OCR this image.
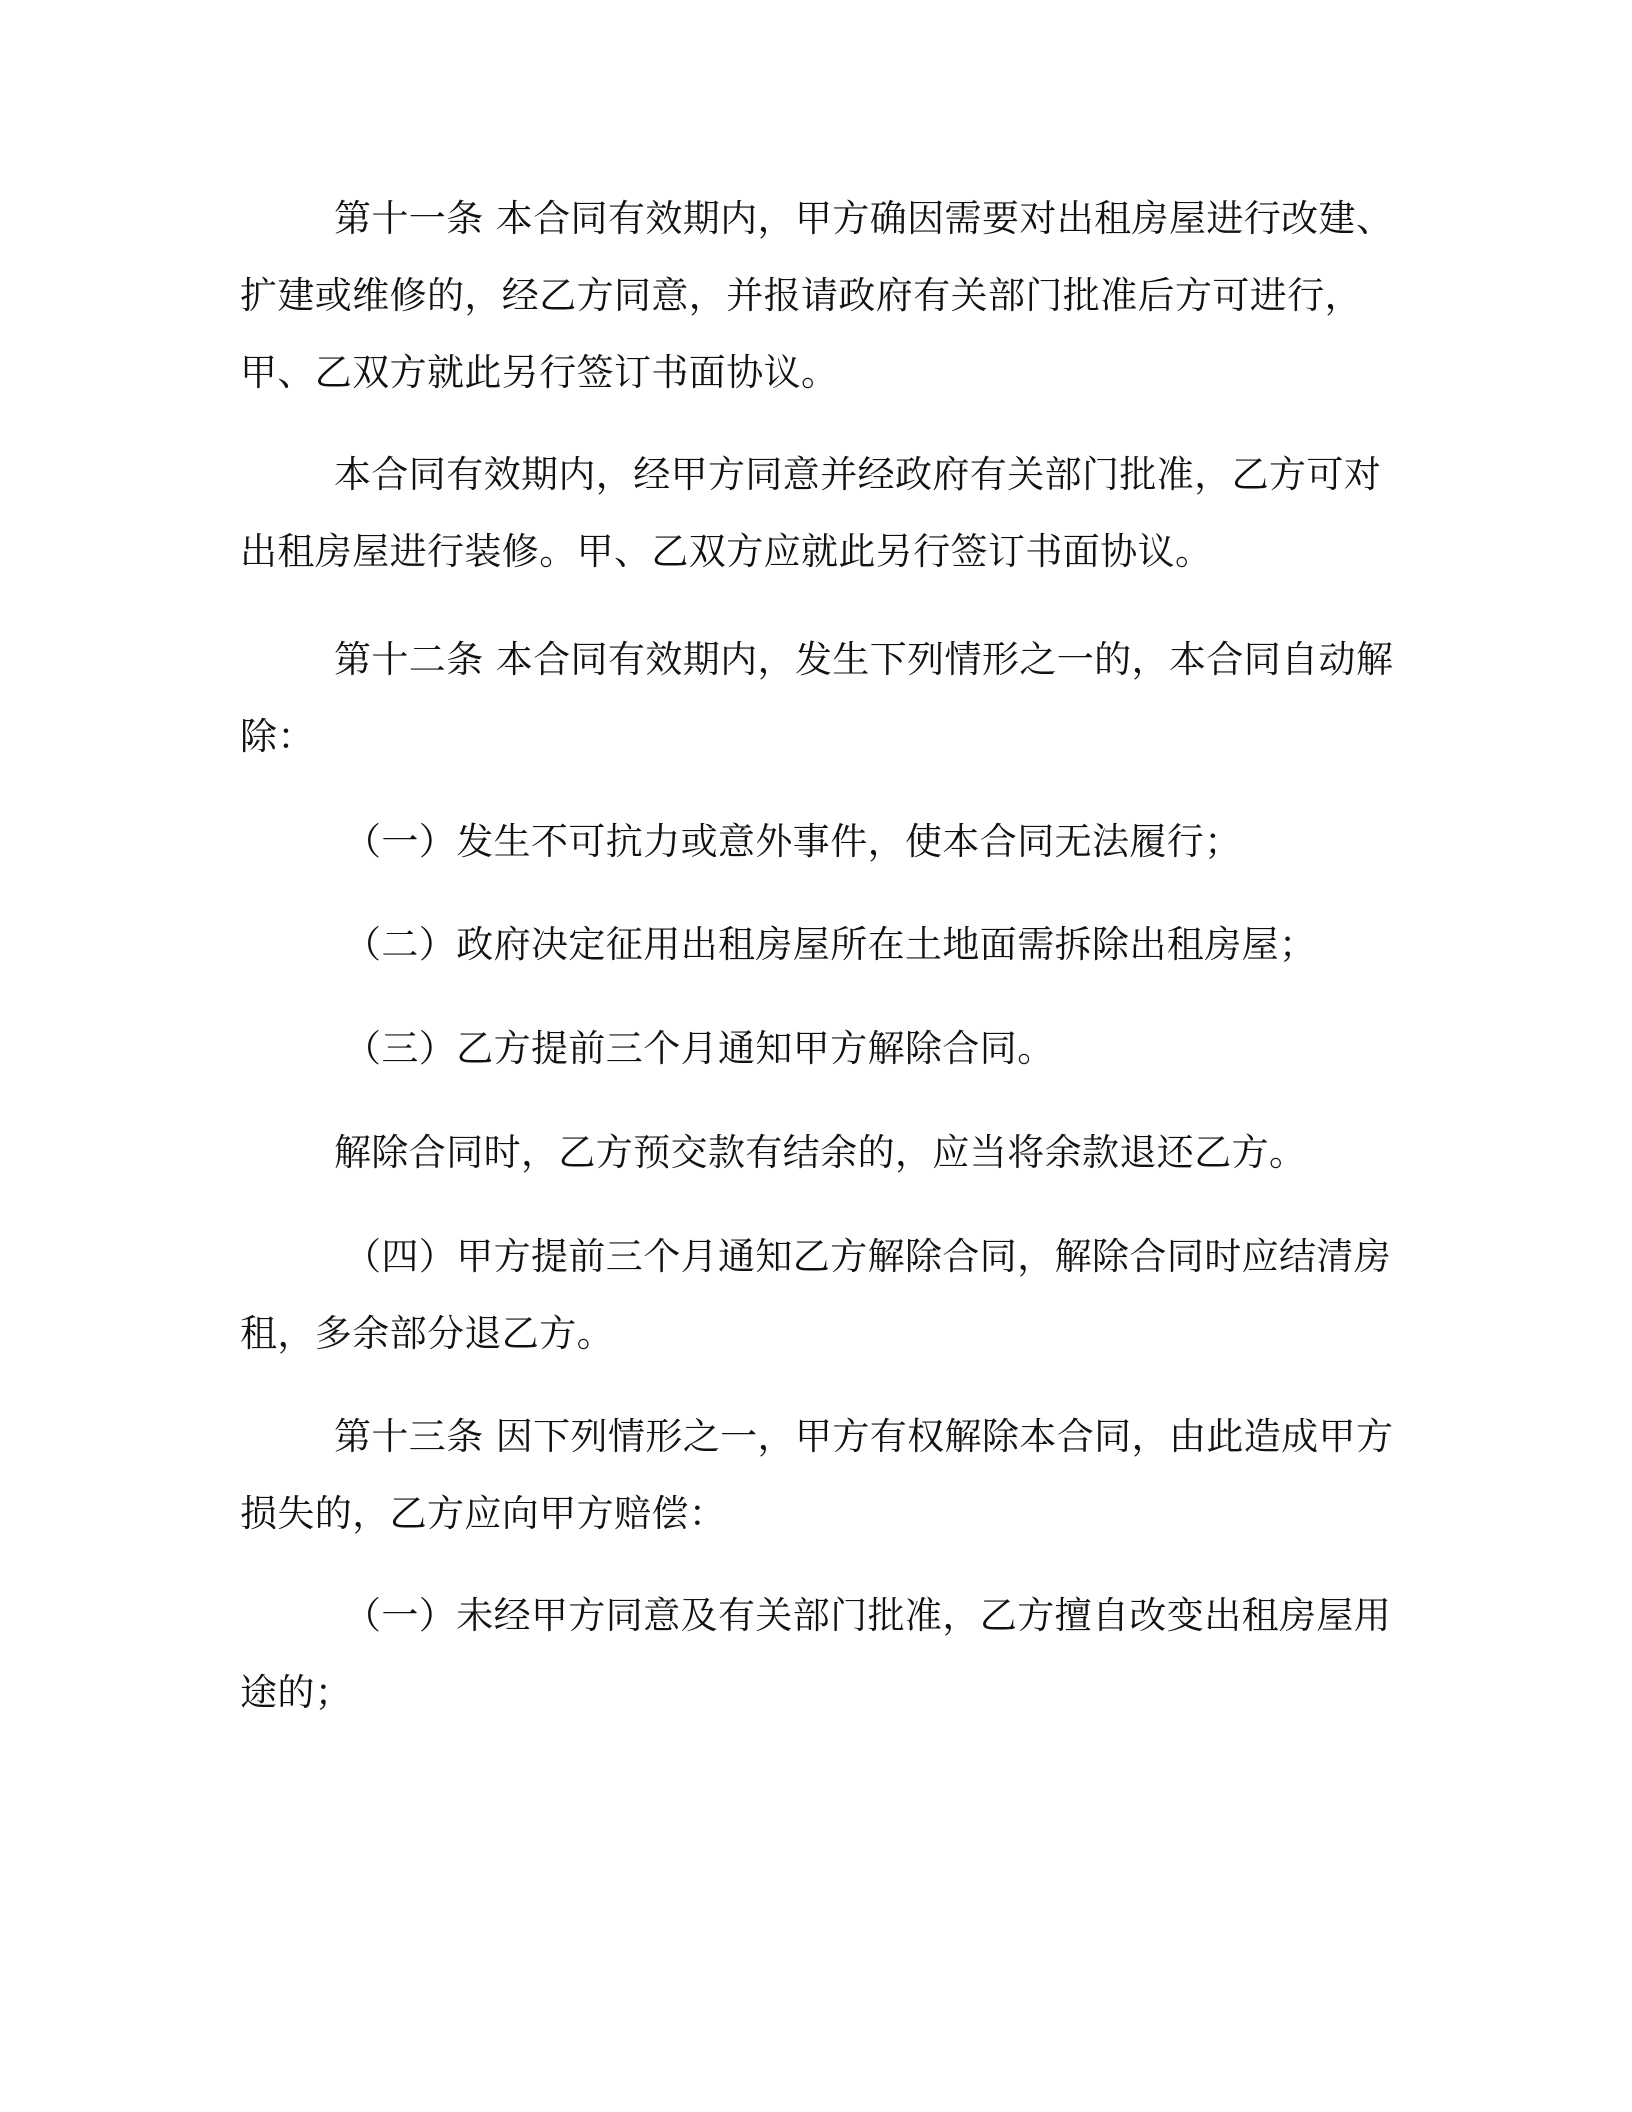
第十一条 本合同有效期内，甲方确因需要对出租房屋进行改建、扩建或维修的，经乙方同意，并报请政府有关部门批准后方可进行，甲、乙双方就此另行签订书面协议。

本合同有效期内，经甲方同意并经政府有关部门批准，乙方可对出租房屋进行装修。甲、乙双方应就此另行签订书面协议。

第十二条 本合同有效期内，发生下列情形之一的，本合同自动解除：

（一）发生不可抗力或意外事件，使本合同无法履行；

（二）政府决定征用出租房屋所在土地面需拆除出租房屋；

（三）乙方提前三个月通知甲方解除合同。

解除合同时，乙方预交款有结余的，应当将余款退还乙方。

（四）甲方提前三个月通知乙方解除合同，解除合同时应结清房租，多余部分退乙方。

第十三条 因下列情形之一，甲方有权解除本合同，由此造成甲方损失的，乙方应向甲方赔偿：

（一）未经甲方同意及有关部门批准，乙方擅自改变出租房屋用途的；
